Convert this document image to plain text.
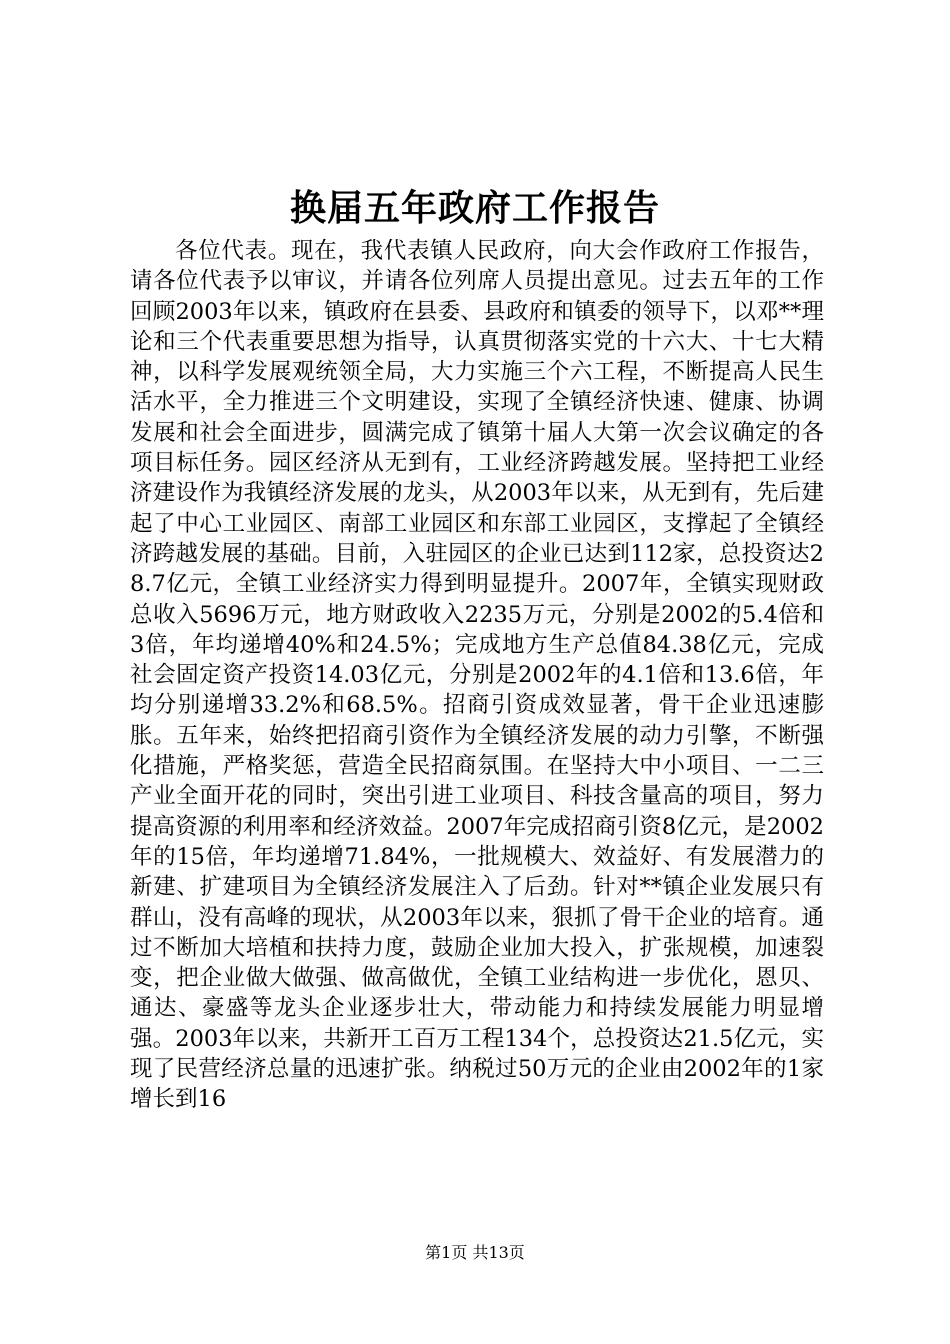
换届五年政府工作报告

各位代表。现在，我代表镇人民政府，向大会作政府工作报告，请各位代表予以审议，并请各位列席人员提出意见。过去五年的工作回顾2003年以来，镇政府在县委、县政府和镇委的领导下，以邓**理论和三个代表重要思想为指导，认真贯彻落实党的十六大、十七大精神，以科学发展观统领全局，大力实施三个六工程，不断提高人民生活水平，全力推进三个文明建设，实现了全镇经济快速、健康、协调发展和社会全面进步，圆满完成了镇第十届人大第一次会议确定的各项目标任务。园区经济从无到有，工业经济跨越发展。坚持把工业经济建设作为我镇经济发展的龙头，从2003年以来，从无到有，先后建起了中心工业园区、南部工业园区和东部工业园区，支撑起了全镇经济跨越发展的基础。目前，入驻园区的企业已达到112家，总投资达28.7亿元，全镇工业经济实力得到明显提升。2007年，全镇实现财政总收入5696万元，地方财政收入2235万元，分别是2002的5.4倍和3倍，年均递增40%和24.5%；完成地方生产总值84.38亿元，完成社会固定资产投资14.03亿元，分别是2002年的4.1倍和13.6倍，年均分别递增33.2%和68.5%。招商引资成效显著，骨干企业迅速膨胀。五年来，始终把招商引资作为全镇经济发展的动力引擎，不断强化措施，严格奖惩，营造全民招商氛围。在坚持大中小项目、一二三产业全面开花的同时，突出引进工业项目、科技含量高的项目，努力提高资源的利用率和经济效益。2007年完成招商引资8亿元，是2002年的15倍，年均递增71.84%，一批规模大、效益好、有发展潜力的新建、扩建项目为全镇经济发展注入了后劲。针对**镇企业发展只有群山，没有高峰的现状，从2003年以来，狠抓了骨干企业的培育。通过不断加大培植和扶持力度，鼓励企业加大投入，扩张规模，加速裂变，把企业做大做强、做高做优，全镇工业结构进一步优化，恩贝、通达、豪盛等龙头企业逐步壮大，带动能力和持续发展能力明显增强。2003年以来，共新开工百万工程134个，总投资达21.5亿元，实现了民营经济总量的迅速扩张。纳税过50万元的企业由2002年的1家增长到16

第1页 共13页
